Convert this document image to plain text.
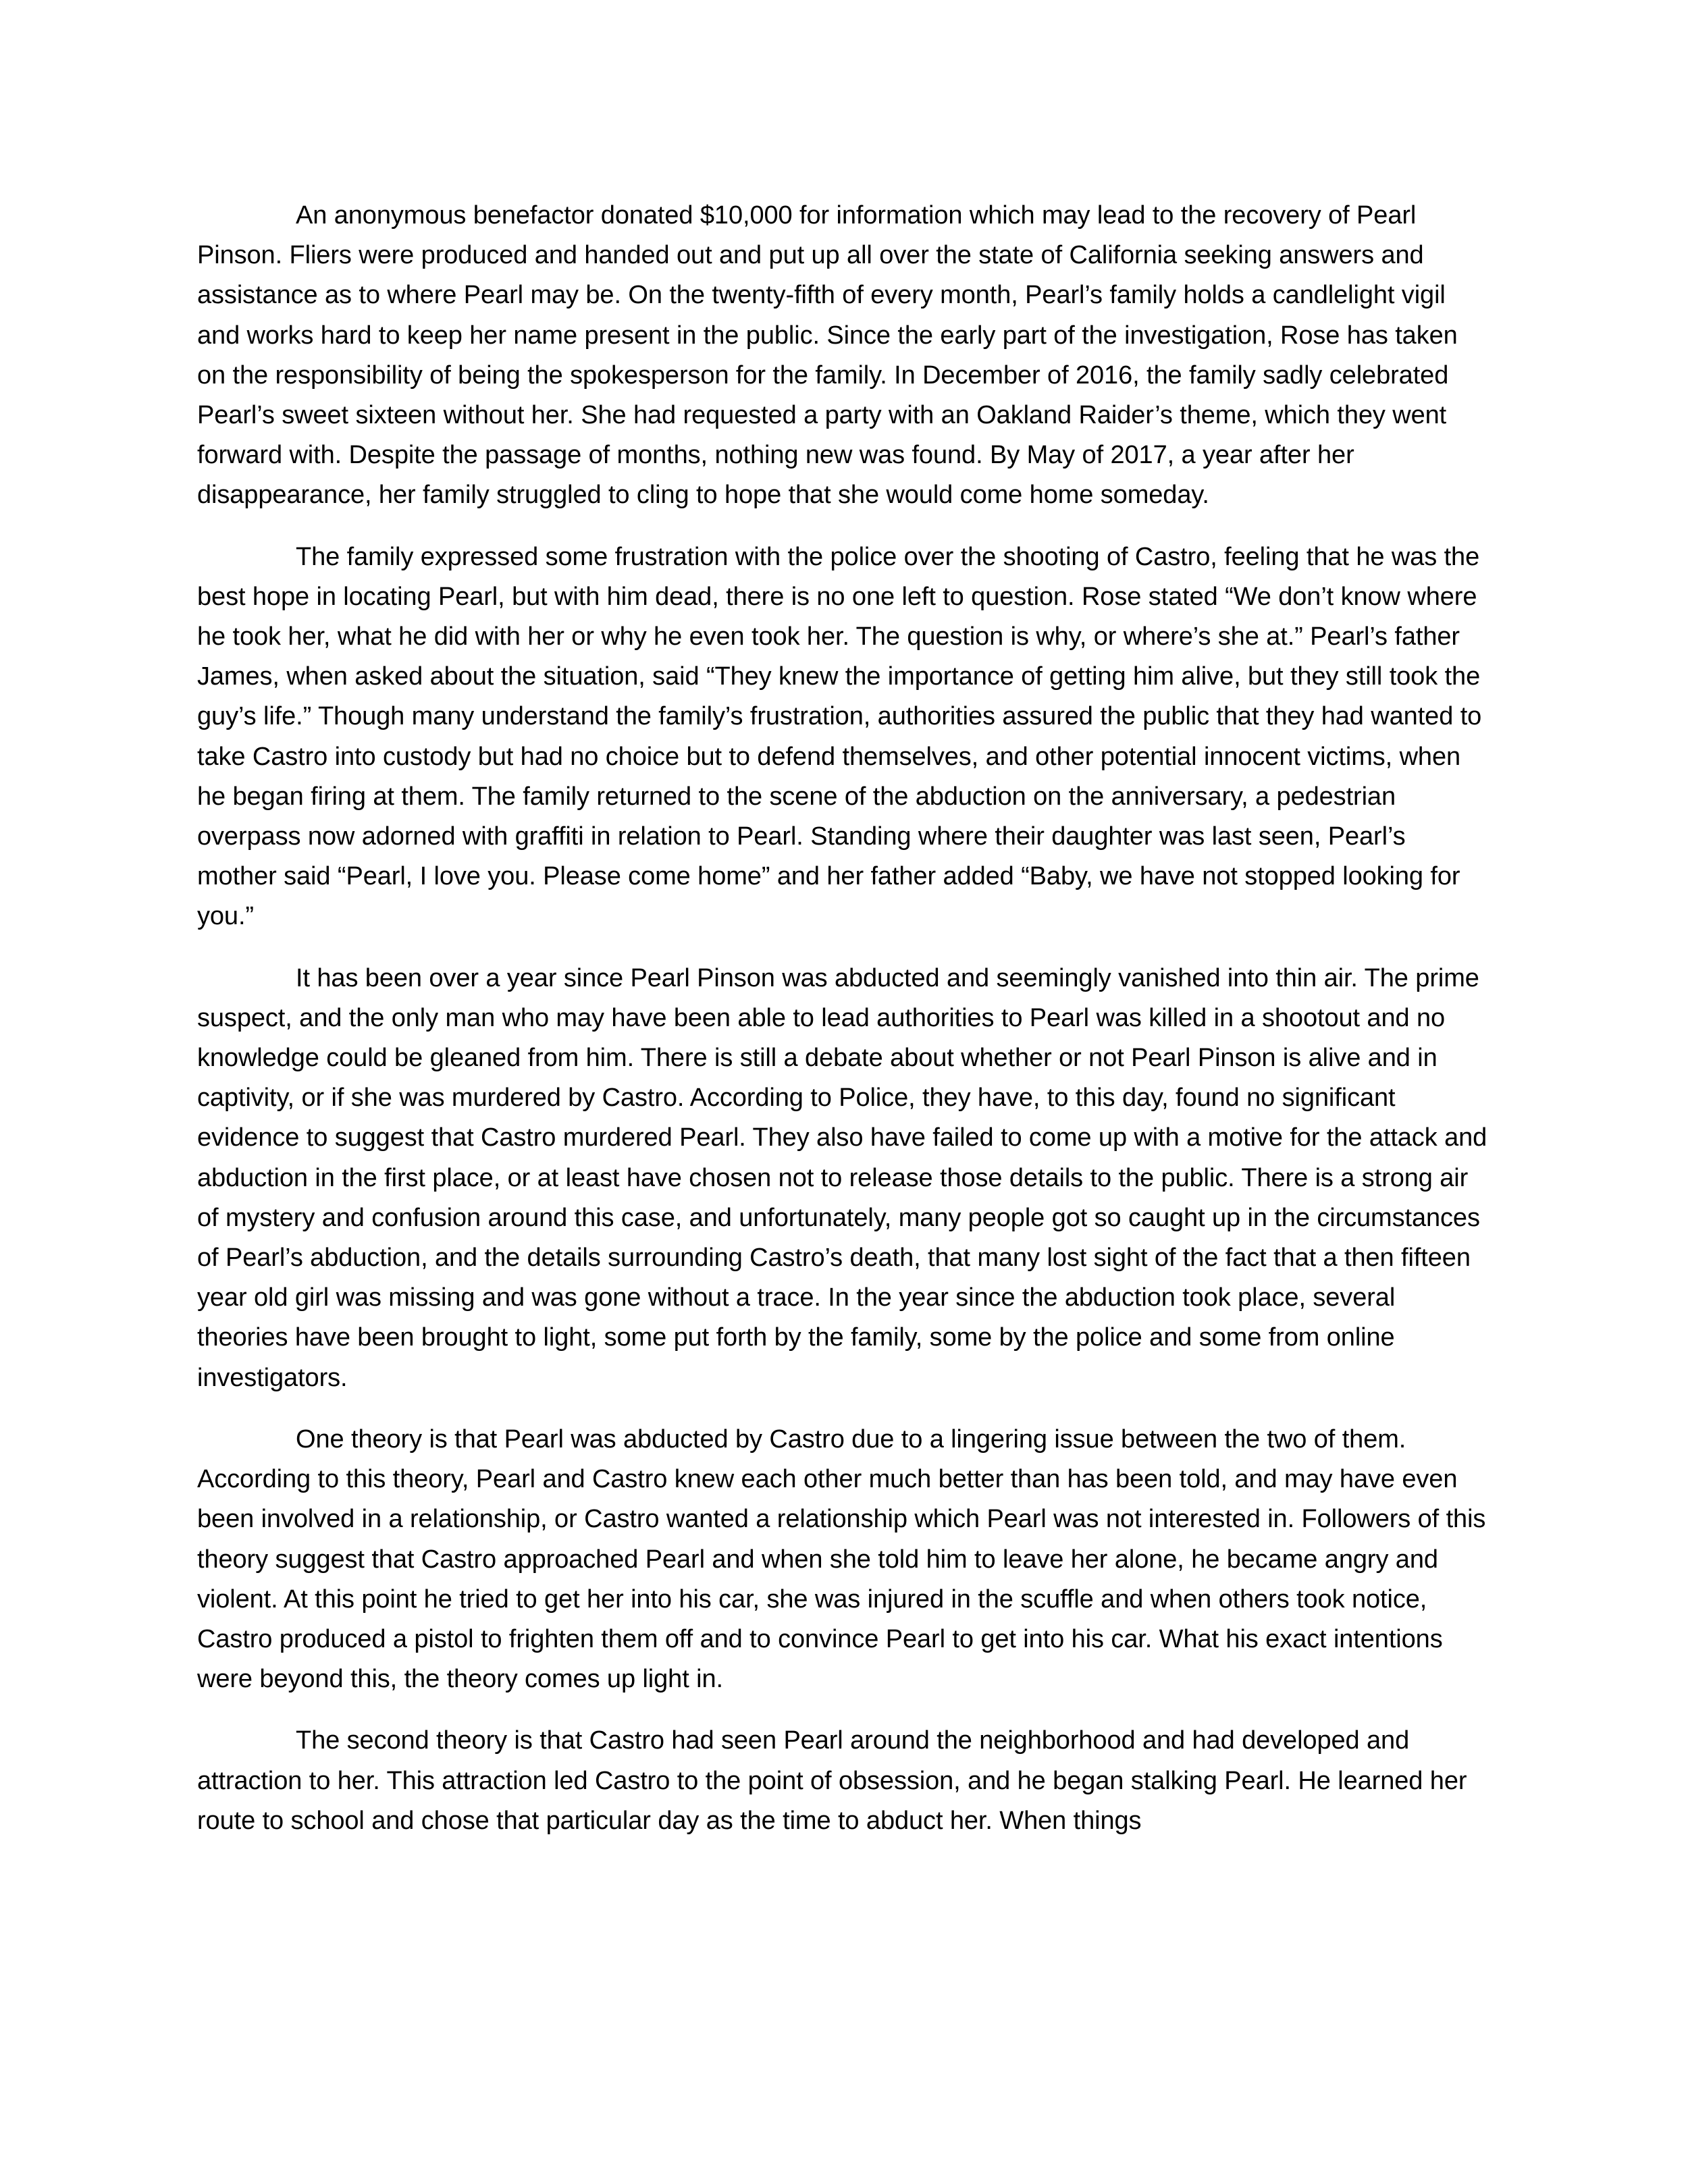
An anonymous benefactor donated $10,000 for information which may lead to the recovery of Pearl Pinson. Fliers were produced and handed out and put up all over the state of California seeking answers and assistance as to where Pearl may be. On the twenty-fifth of every month, Pearl’s family holds a candlelight vigil and works hard to keep her name present in the public. Since the early part of the investigation, Rose has taken on the responsibility of being the spokesperson for the family. In December of 2016, the family sadly celebrated Pearl’s sweet sixteen without her. She had requested a party with an Oakland Raider’s theme, which they went forward with. Despite the passage of months, nothing new was found. By May of 2017, a year after her disappearance, her family struggled to cling to hope that she would come home someday.

The family expressed some frustration with the police over the shooting of Castro, feeling that he was the best hope in locating Pearl, but with him dead, there is no one left to question. Rose stated “We don’t know where he took her, what he did with her or why he even took her. The question is why, or where’s she at.” Pearl’s father James, when asked about the situation, said “They knew the importance of getting him alive, but they still took the guy’s life.” Though many understand the family’s frustration, authorities assured the public that they had wanted to take Castro into custody but had no choice but to defend themselves, and other potential innocent victims, when he began firing at them. The family returned to the scene of the abduction on the anniversary, a pedestrian overpass now adorned with graffiti in relation to Pearl. Standing where their daughter was last seen, Pearl’s mother said “Pearl, I love you. Please come home” and her father added “Baby, we have not stopped looking for you.”

It has been over a year since Pearl Pinson was abducted and seemingly vanished into thin air. The prime suspect, and the only man who may have been able to lead authorities to Pearl was killed in a shootout and no knowledge could be gleaned from him. There is still a debate about whether or not Pearl Pinson is alive and in captivity, or if she was murdered by Castro. According to Police, they have, to this day, found no significant evidence to suggest that Castro murdered Pearl. They also have failed to come up with a motive for the attack and abduction in the first place, or at least have chosen not to release those details to the public. There is a strong air of mystery and confusion around this case, and unfortunately, many people got so caught up in the circumstances of Pearl’s abduction, and the details surrounding Castro’s death, that many lost sight of the fact that a then fifteen year old girl was missing and was gone without a trace. In the year since the abduction took place, several theories have been brought to light, some put forth by the family, some by the police and some from online investigators.

One theory is that Pearl was abducted by Castro due to a lingering issue between the two of them. According to this theory, Pearl and Castro knew each other much better than has been told, and may have even been involved in a relationship, or Castro wanted a relationship which Pearl was not interested in. Followers of this theory suggest that Castro approached Pearl and when she told him to leave her alone, he became angry and violent. At this point he tried to get her into his car, she was injured in the scuffle and when others took notice, Castro produced a pistol to frighten them off and to convince Pearl to get into his car. What his exact intentions were beyond this, the theory comes up light in.

The second theory is that Castro had seen Pearl around the neighborhood and had developed and attraction to her. This attraction led Castro to the point of obsession, and he began stalking Pearl. He learned her route to school and chose that particular day as the time to abduct her. When things
